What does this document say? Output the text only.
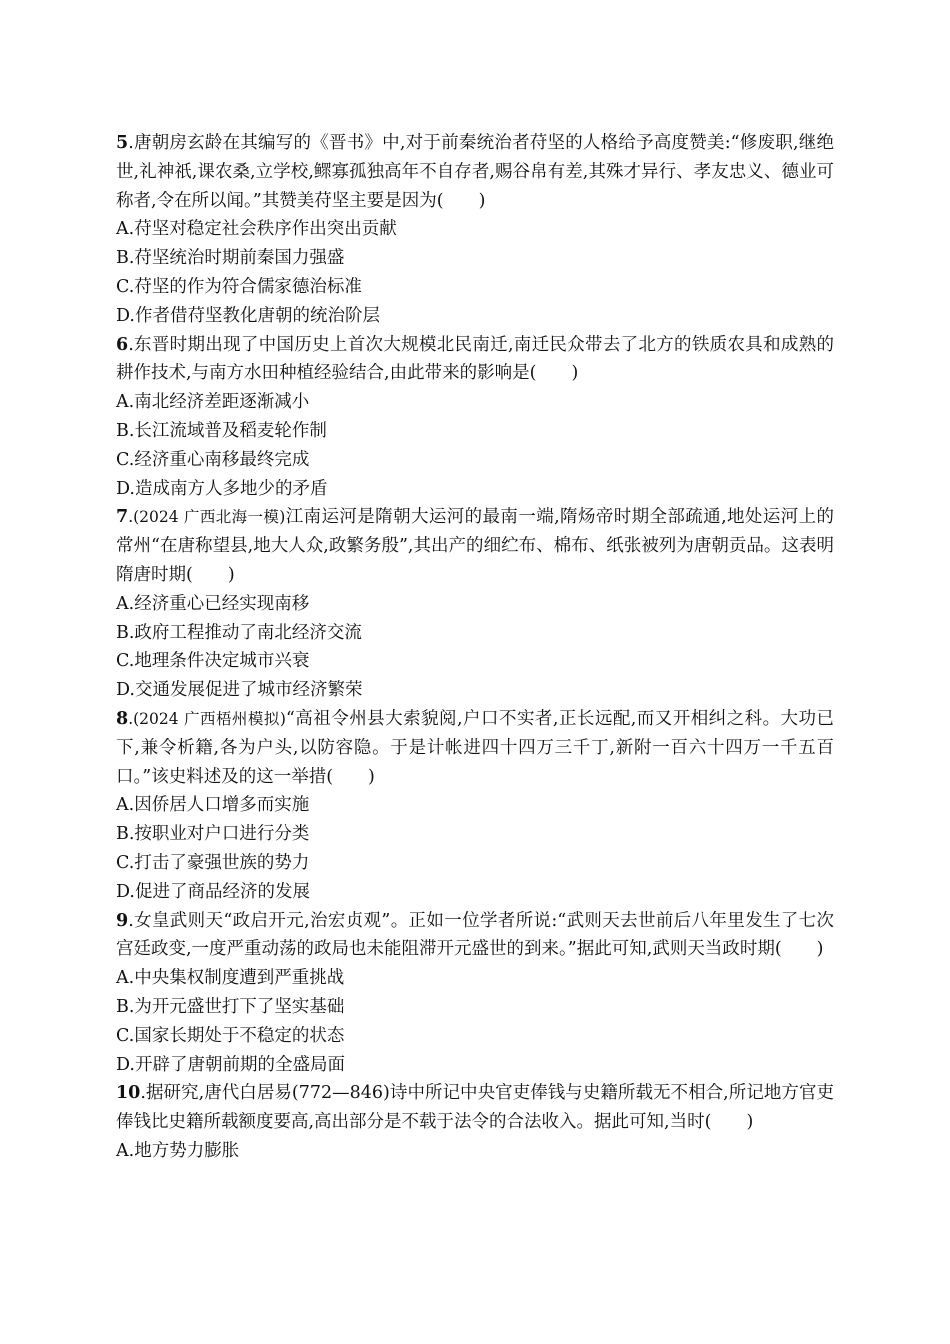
5.唐朝房玄龄在其编写的《晋书》中,对于前秦统治者苻坚的人格给予高度赞美:“修废职,继绝世,礼神祇,课农桑,立学校,鳏寡孤独高年不自存者,赐谷帛有差,其殊才异行、孝友忠义、德业可称者,令在所以闻。”其赞美苻坚主要是因为(　　)

A.苻坚对稳定社会秩序作出突出贡献

B.苻坚统治时期前秦国力强盛

C.苻坚的作为符合儒家德治标准

D.作者借苻坚教化唐朝的统治阶层

6.东晋时期出现了中国历史上首次大规模北民南迁,南迁民众带去了北方的铁质农具和成熟的耕作技术,与南方水田种植经验结合,由此带来的影响是(　　)

A.南北经济差距逐渐减小

B.长江流域普及稻麦轮作制

C.经济重心南移最终完成

D.造成南方人多地少的矛盾

7.(2024 广西北海一模)江南运河是隋朝大运河的最南一端,隋炀帝时期全部疏通,地处运河上的常州“在唐称望县,地大人众,政繁务殷”,其出产的细纻布、棉布、纸张被列为唐朝贡品。这表明隋唐时期(　　)

A.经济重心已经实现南移

B.政府工程推动了南北经济交流

C.地理条件决定城市兴衰

D.交通发展促进了城市经济繁荣

8.(2024 广西梧州模拟)“高祖令州县大索貌阅,户口不实者,正长远配,而又开相纠之科。大功已下,兼令析籍,各为户头,以防容隐。于是计帐进四十四万三千丁,新附一百六十四万一千五百口。”该史料述及的这一举措(　　)

A.因侨居人口增多而实施

B.按职业对户口进行分类

C.打击了豪强世族的势力

D.促进了商品经济的发展

9.女皇武则天“政启开元,治宏贞观”。正如一位学者所说:“武则天去世前后八年里发生了七次宫廷政变,一度严重动荡的政局也未能阻滞开元盛世的到来。”据此可知,武则天当政时期(　　)

A.中央集权制度遭到严重挑战

B.为开元盛世打下了坚实基础

C.国家长期处于不稳定的状态

D.开辟了唐朝前期的全盛局面

10.据研究,唐代白居易(772—846)诗中所记中央官吏俸钱与史籍所载无不相合,所记地方官吏俸钱比史籍所载额度要高,高出部分是不载于法令的合法收入。据此可知,当时(　　)

A.地方势力膨胀
